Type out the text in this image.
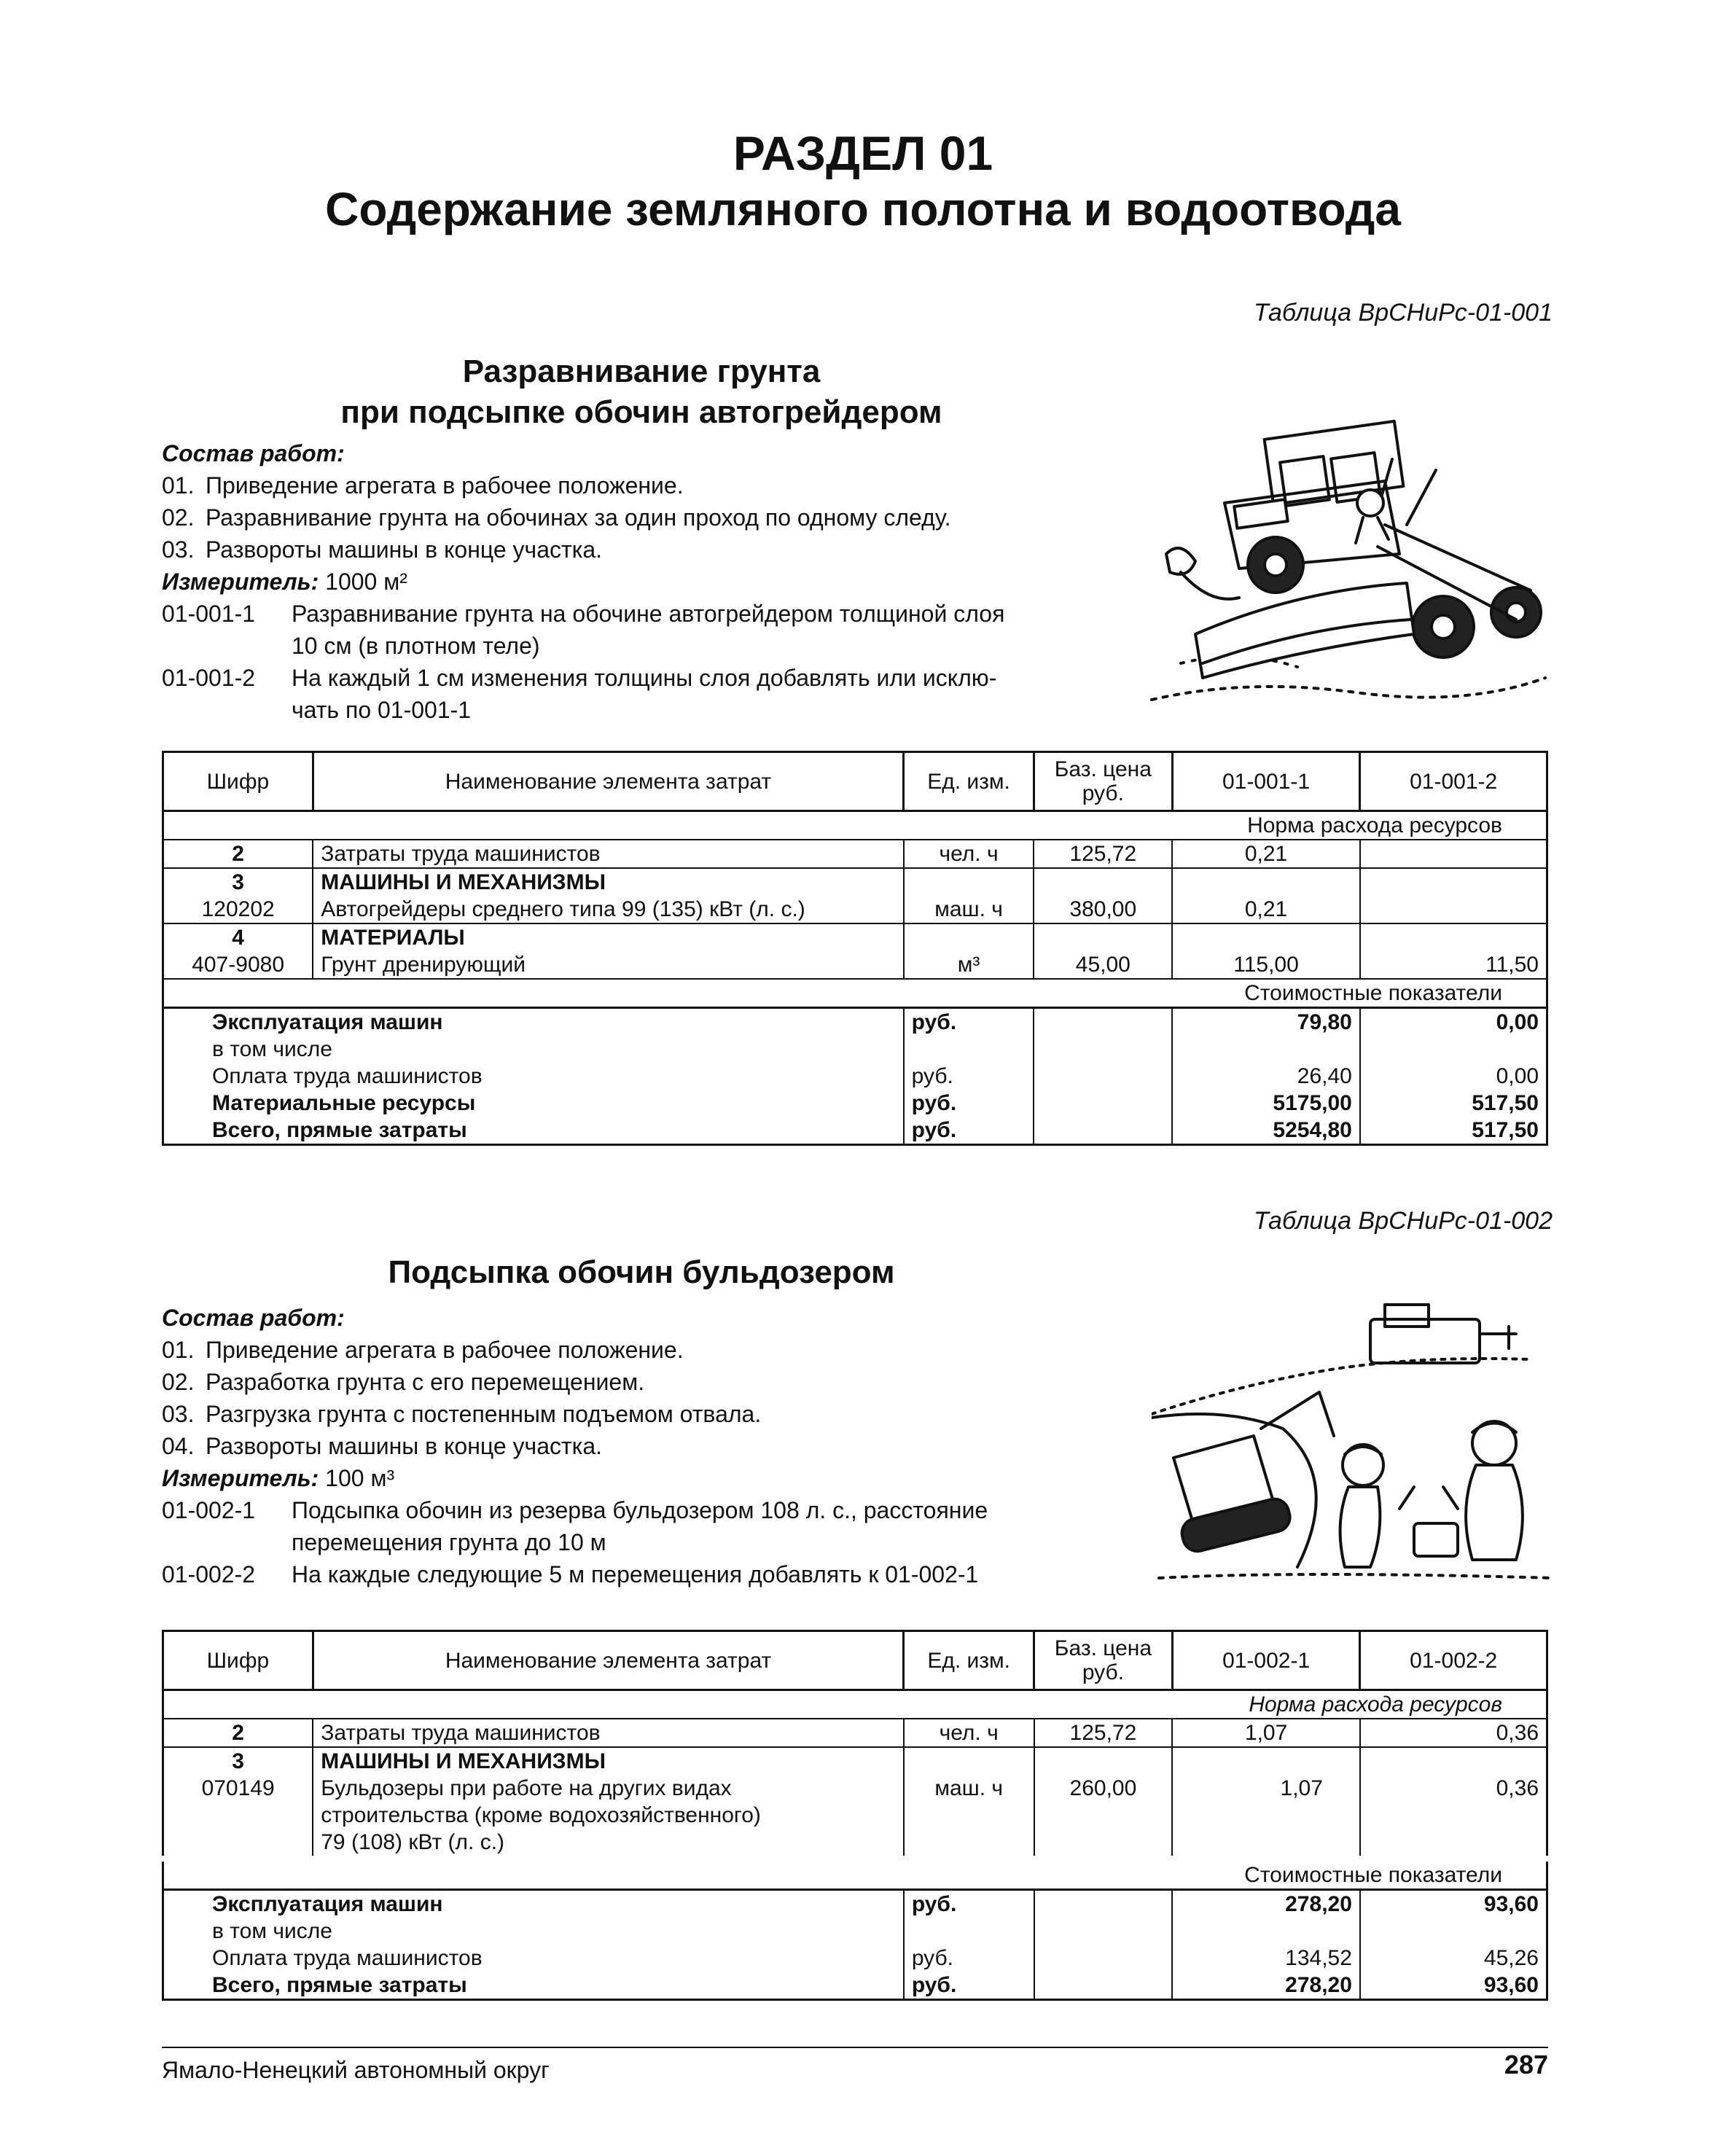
РАЗДЕЛ 01
Содержание земляного полотна и водоотвода
Таблица ВрСНиРс-01-001
Разравнивание грунта
при подсыпке обочин автогрейдером
Состав работ:
01. Приведение агрегата в рабочее положение.
02. Разравнивание грунта на обочинах за один проход по одному следу.
03. Развороты машины в конце участка.
Измеритель: 1000 м²
01-001-1	Разравнивание грунта на обочине автогрейдером толщиной слоя
10 см (в плотном теле)
01-001-2	На каждый 1 см изменения толщины слоя добавлять или исклю-
чать по 01-001-1
Шифр	Наименование элемента затрат	Ед. изм.	Баз. цена
руб.	01-001-1	01-001-2
Норма расхода ресурсов					
2	Затраты труда машинистов	чел. ч	125,72	0,21	
3	МАШИНЫ И МЕХАНИЗМЫ				
120202	Автогрейдеры среднего типа 99 (135) кВт (л. с.)	маш. ч	380,00	0,21	
4	МАТЕРИАЛЫ				
407-9080	Грунт дренирующий	м³	45,00	115,00	11,50
Стоимостные показатели					
Эксплуатация машин		руб.		79,80	0,00
в том числе					
Оплата труда машинистов		руб.		26,40	0,00
Материальные ресурсы		руб.		5175,00	517,50
Всего, прямые затраты		руб.		5254,80	517,50
Таблица ВрСНиРс-01-002
Подсыпка обочин бульдозером
Состав работ:
01. Приведение агрегата в рабочее положение.
02. Разработка грунта с его перемещением.
03. Разгрузка грунта с постепенным подъемом отвала.
04. Развороты машины в конце участка.
Измеритель: 100 м³
01-002-1	Подсыпка обочин из резерва бульдозером 108 л. с., расстояние
перемещения грунта до 10 м
01-002-2	На каждые следующие 5 м перемещения добавлять к 01-002-1
Шифр	Наименование элемента затрат	Ед. изм.	Баз. цена
руб.	01-002-1	01-002-2
Норма расхода ресурсов					
2	Затраты труда машинистов	чел. ч	125,72	1,07	0,36
3	МАШИНЫ И МЕХАНИЗМЫ				
070149	Бульдозеры при работе на других видах
строительства (кроме водохозяйственного)
79 (108) кВт (л. с.)	маш. ч	260,00	1,07	0,36
Стоимостные показатели					
Эксплуатация машин		руб.		278,20	93,60
в том числе					
Оплата труда машинистов		руб.		134,52	45,26
Всего, прямые затраты		руб.		278,20	93,60
Ямало-Ненецкий автономный округ	287
